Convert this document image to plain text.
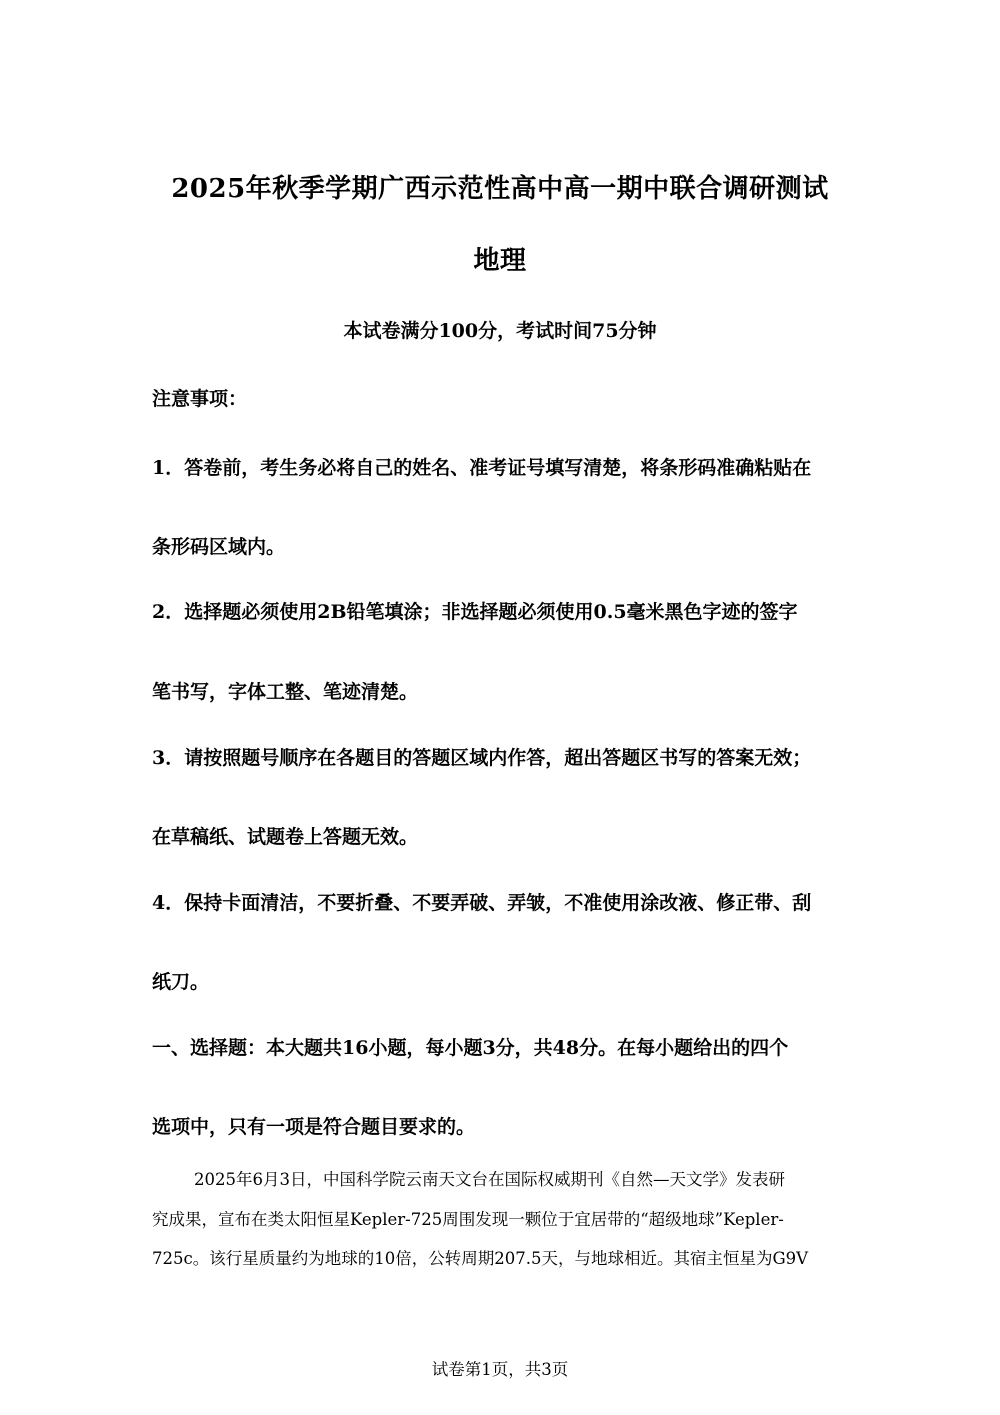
2025年秋季学期广西示范性高中高一期中联合调研测试
地理
本试卷满分100分，考试时间75分钟
注意事项：
1．答卷前，考生务必将自己的姓名、准考证号填写清楚，将条形码准确粘贴在
条形码区域内。
2．选择题必须使用2B铅笔填涂；非选择题必须使用0.5毫米黑色字迹的签字
笔书写，字体工整、笔迹清楚。
3．请按照题号顺序在各题目的答题区域内作答，超出答题区书写的答案无效；
在草稿纸、试题卷上答题无效。
4．保持卡面清洁，不要折叠、不要弄破、弄皱，不准使用涂改液、修正带、刮
纸刀。
一、选择题：本大题共16小题，每小题3分，共48分。在每小题给出的四个
选项中，只有一项是符合题目要求的。
2025年6月3日，中国科学院云南天文台在国际权威期刊《自然—天文学》发表研
究成果，宣布在类太阳恒星Kepler-725周围发现一颗位于宜居带的“超级地球”Kepler-
725c。该行星质量约为地球的10倍，公转周期207.5天，与地球相近。其宿主恒星为G9V
试卷第1页，共3页
